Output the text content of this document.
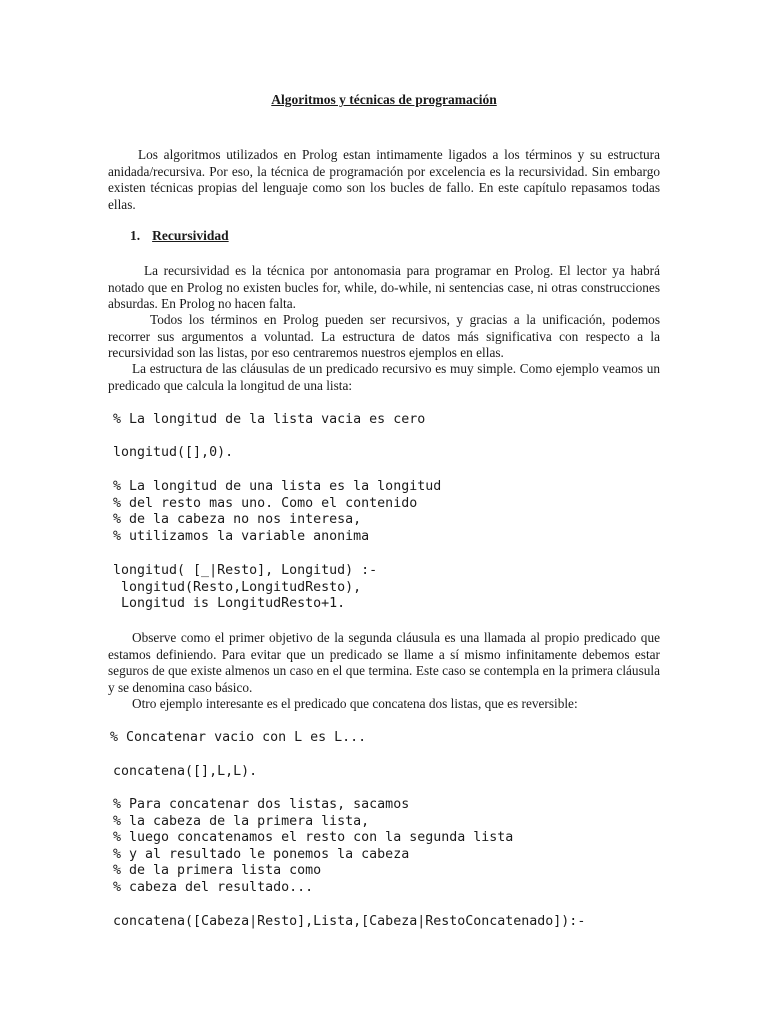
Algoritmos y técnicas de programación

Los algoritmos utilizados en Prolog estan intimamente ligados a los términos y su estructura anidada/recursiva. Por eso, la técnica de programación por excelencia es la recursividad. Sin embargo existen técnicas propias del lenguaje como son los bucles de fallo. En este capítulo repasamos todas ellas.

1. Recursividad

La recursividad es la técnica por antonomasia para programar en Prolog. El lector ya habrá notado que en Prolog no existen bucles for, while, do-while, ni sentencias case, ni otras construcciones absurdas. En Prolog no hacen falta.

Todos los términos en Prolog pueden ser recursivos, y gracias a la unificación, podemos recorrer sus argumentos a voluntad. La estructura de datos más significativa con respecto a la recursividad son las listas, por eso centraremos nuestros ejemplos en ellas.

La estructura de las cláusulas de un predicado recursivo es muy simple. Como ejemplo veamos un predicado que calcula la longitud de una lista:

% La longitud de la lista vacia es cero
longitud([],0).
% La longitud de una lista es la longitud
% del resto mas uno. Como el contenido
% de la cabeza no nos interesa,
% utilizamos la variable anonima
longitud( [_|Resto], Longitud) :-
longitud(Resto,LongitudResto),
Longitud is LongitudResto+1.

Observe como el primer objetivo de la segunda cláusula es una llamada al propio predicado que estamos definiendo. Para evitar que un predicado se llame a sí mismo infinitamente debemos estar seguros de que existe almenos un caso en el que termina. Este caso se contempla en la primera cláusula y se denomina caso básico.

Otro ejemplo interesante es el predicado que concatena dos listas, que es reversible:

% Concatenar vacio con L es L...
concatena([],L,L).
% Para concatenar dos listas, sacamos
% la cabeza de la primera lista,
% luego concatenamos el resto con la segunda lista
% y al resultado le ponemos la cabeza
% de la primera lista como
% cabeza del resultado...
concatena([Cabeza|Resto],Lista,[Cabeza|RestoConcatenado]):-
